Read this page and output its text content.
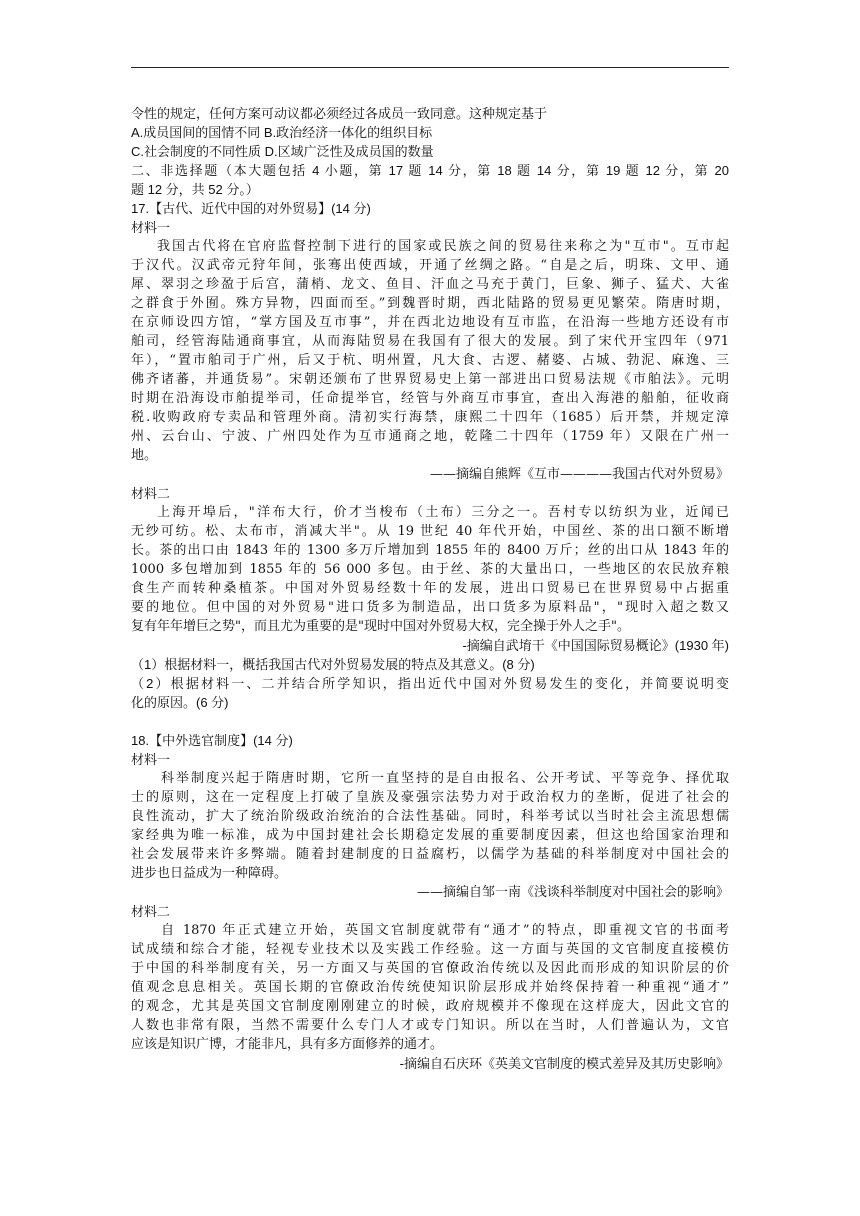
令性的规定，任何方案可动议都必须经过各成员一致同意。这种规定基于
A.成员国间的国情不同 B.政治经济一体化的组织目标
C.社会制度的不同性质 D.区域广泛性及成员国的数量
二、非选择题（本大题包括 4 小题，第 17 题 14 分，第 18 题 14 分，第 19 题 12 分，第 20
题 12 分，共 52 分。）
17.【古代、近代中国的对外贸易】(14 分)
材料一
我国古代将在官府监督控制下进行的国家或民族之间的贸易往来称之为"互市"。互市起
于汉代。汉武帝元狩年间，张骞出使西域，开通了丝绸之路。“自是之后，明珠、文甲、通
犀、翠羽之珍盈于后宫，蒲梢、龙文、鱼目、汗血之马充于黄门，巨象、狮子、猛犬、大雀
之群食于外囿。殊方异物，四面而至。”到魏晋时期，西北陆路的贸易更见繁荣。隋唐时期，
在京师设四方馆，“掌方国及互市事”，并在西北边地设有互市监，在沿海一些地方还设有市
舶司，经管海陆通商事宜，从而海陆贸易在我国有了很大的发展。到了宋代开宝四年（971
年），“置市舶司于广州，后又于杭、明州置，凡大食、古逻、赭婆、占城、勃泥、麻逸、三
佛齐诸蕃，并通货易”。宋朝还颁布了世界贸易史上第一部进出口贸易法规《市舶法》。元明
时期在沿海设市舶提举司，任命提举官，经管与外商互市事宜，查出入海港的船舶，征收商
税.收购政府专卖品和管理外商。清初实行海禁，康熙二十四年（1685）后开禁，并规定漳
州、云台山、宁波、广州四处作为互市通商之地，乾隆二十四年（1759 年）又限在广州一
地。
——摘编自熊辉《互市————我国古代对外贸易》
材料二
上海开埠后，"洋布大行，价才当梭布（土布）三分之一。吾村专以纺织为业，近闻已
无纱可纺。松、太布市，消减大半"。从 19 世纪 40 年代开始，中国丝、茶的出口额不断增
长。茶的出口由 1843 年的 1300 多万斤增加到 1855 年的 8400 万斤；丝的出口从 1843 年的
1000 多包增加到 1855 年的 56 000 多包。由于丝、茶的大量出口，一些地区的农民放弃粮
食生产而转种桑植茶。中国对外贸易经数十年的发展，进出口贸易已在世界贸易中占据重
要的地位。但中国的对外贸易"进口货多为制造品，出口货多为原料品"，"现时入超之数又
复有年年增巨之势"，而且尤为重要的是"现时中国对外贸易大权，完全操于外人之手"。
-摘编自武堉干《中国国际贸易概论》(1930 年)
（1）根据材料一，概括我国古代对外贸易发展的特点及其意义。(8 分)
（2）根据材料一、二并结合所学知识，指出近代中国对外贸易发生的变化，并简要说明变
化的原因。(6 分)
18.【中外选官制度】(14 分)
材料一
科举制度兴起于隋唐时期，它所一直坚持的是自由报名、公开考试、平等竞争、择优取
士的原则，这在一定程度上打破了皇族及豪强宗法势力对于政治权力的垄断，促进了社会的
良性流动，扩大了统治阶级政治统治的合法性基础。同时，科举考试以当时社会主流思想儒
家经典为唯一标准，成为中国封建社会长期稳定发展的重要制度因素，但这也给国家治理和
社会发展带来许多弊端。随着封建制度的日益腐朽，以儒学为基础的科举制度对中国社会的
进步也日益成为一种障碍。
——摘编自邹一南《浅谈科举制度对中国社会的影响》
材料二
自 1870 年正式建立开始，英国文官制度就带有“通才”的特点，即重视文官的书面考
试成绩和综合才能，轻视专业技术以及实践工作经验。这一方面与英国的文官制度直接模仿
于中国的科举制度有关，另一方面又与英国的官僚政治传统以及因此而形成的知识阶层的价
值观念息息相关。英国长期的官僚政治传统使知识阶层形成并始终保持着一种重视“通才”
的观念，尤其是英国文官制度刚刚建立的时候，政府规模并不像现在这样庞大，因此文官的
人数也非常有限，当然不需要什么专门人才或专门知识。所以在当时，人们普遍认为，文官
应该是知识广博，才能非凡，具有多方面修养的通才。
-摘编自石庆环《英美文官制度的模式差异及其历史影响》
